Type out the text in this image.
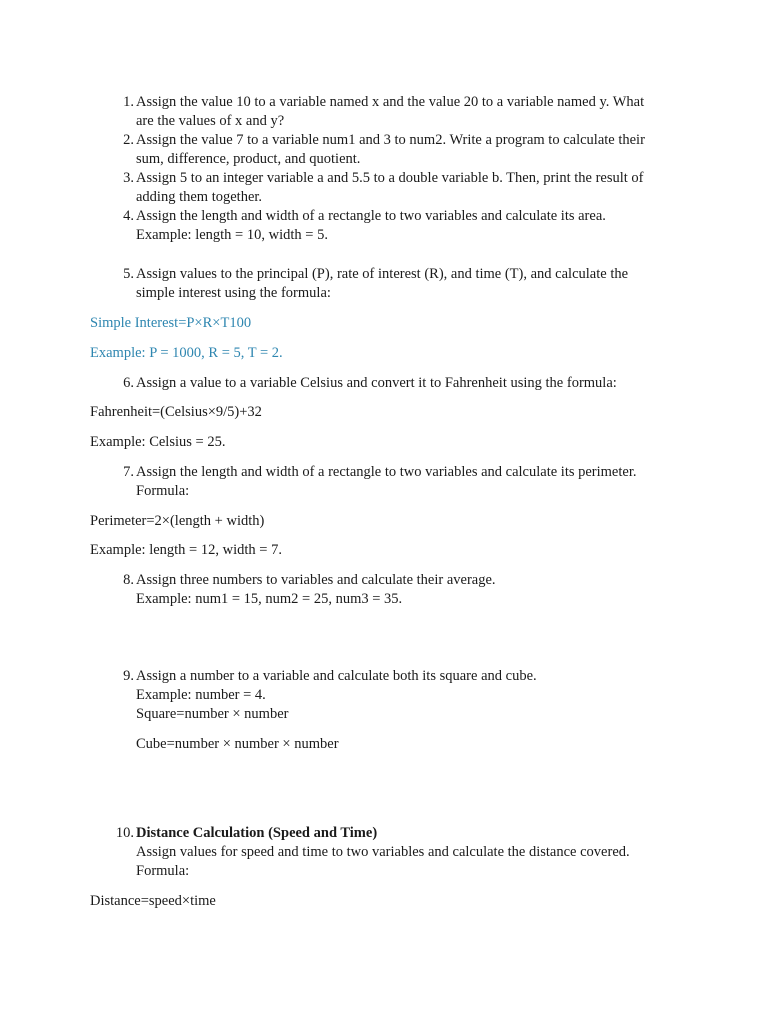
1. Assign the value 10 to a variable named x and the value 20 to a variable named y. What
are the values of x and y?
2. Assign the value 7 to a variable num1 and 3 to num2. Write a program to calculate their
sum, difference, product, and quotient.
3. Assign 5 to an integer variable a and 5.5 to a double variable b. Then, print the result of
adding them together.
4. Assign the length and width of a rectangle to two variables and calculate its area.
Example: length = 10, width = 5.
5. Assign values to the principal (P), rate of interest (R), and time (T), and calculate the
simple interest using the formula:
Simple Interest=P×R×T100
Example: P = 1000, R = 5, T = 2.
6. Assign a value to a variable Celsius and convert it to Fahrenheit using the formula:
Fahrenheit=(Celsius×9/5)+32
Example: Celsius = 25.
7. Assign the length and width of a rectangle to two variables and calculate its perimeter.
Formula:
Perimeter=2×(length + width)
Example: length = 12, width = 7.
8. Assign three numbers to variables and calculate their average.
Example: num1 = 15, num2 = 25, num3 = 35.
9. Assign a number to a variable and calculate both its square and cube.
Example: number = 4.
Square=number × number
Cube=number × number × number
10. Distance Calculation (Speed and Time)
Assign values for speed and time to two variables and calculate the distance covered.
Formula:
Distance=speed×time
